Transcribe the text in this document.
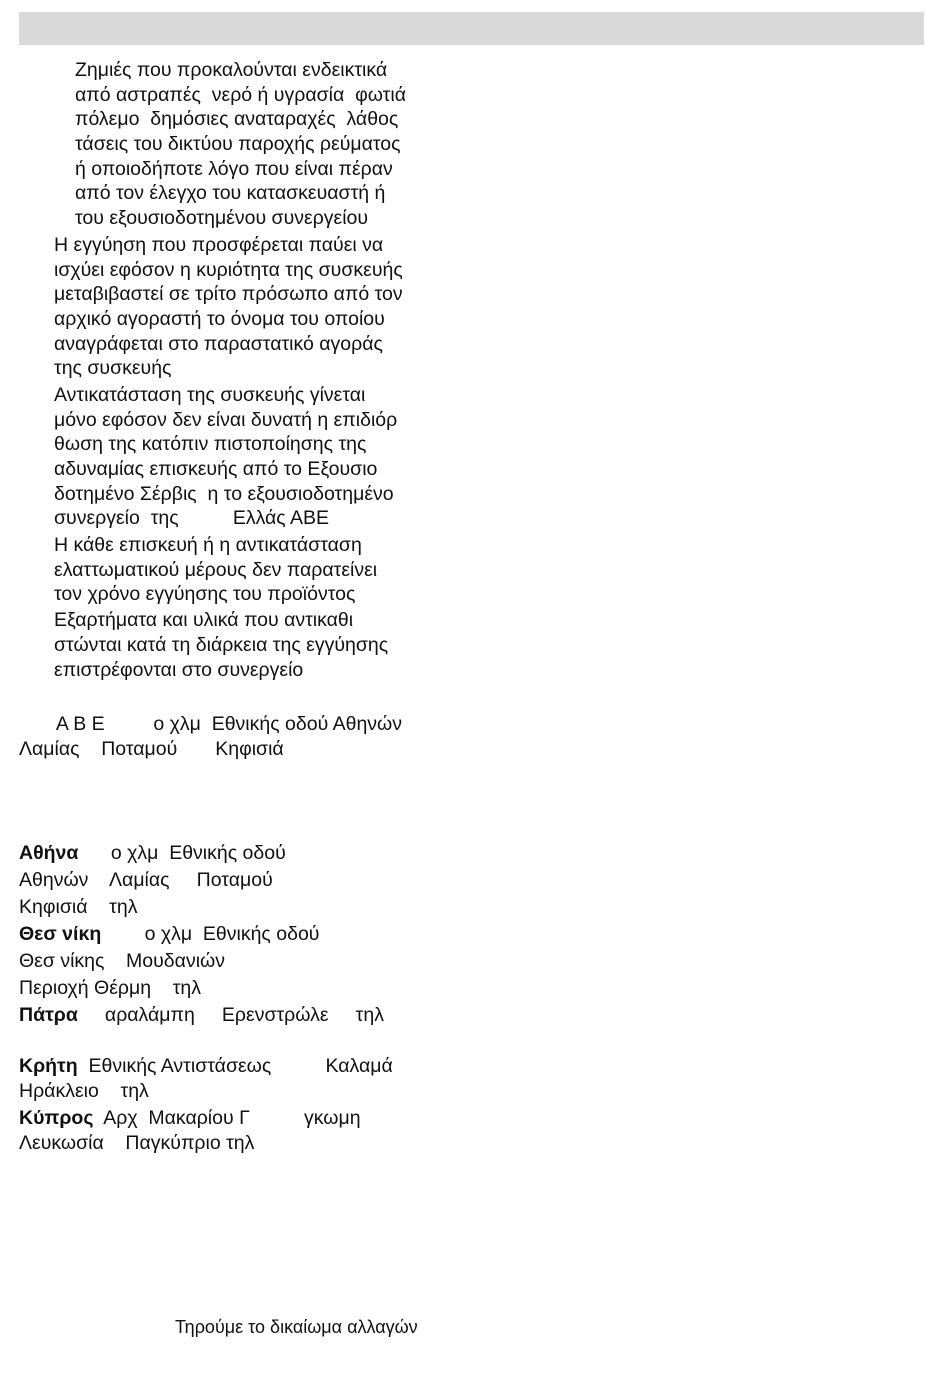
Ζημιές που προκαλούνται ενδεικτικά
από αστραπές  νερό ή υγρασία  φωτιά
πόλεμο  δημόσιες αναταραχές  λάθος
τάσεις του δικτύου παροχής ρεύματος
ή οποιοδήποτε λόγο που είναι πέραν
από τον έλεγχο του κατασκευαστή ή
του εξουσιοδοτημένου συνεργείου
Η εγγύηση που προσφέρεται παύει να
ισχύει εφόσον η κυριότητα της συσκευής
μεταβιβαστεί σε τρίτο πρόσωπο από τον
αρχικό αγοραστή το όνομα του οποίου
αναγράφεται στο παραστατικό αγοράς
της συσκευής
Αντικατάσταση της συσκευής γίνεται
μόνο εφόσον δεν είναι δυνατή η επιδιόρ
θωση της κατόπιν πιστοποίησης της
αδυναμίας επισκευής από το Εξουσιο
δοτημένο Σέρβις  η το εξουσιοδοτημένο
συνεργείο  της          Ελλάς ΑΒΕ
Η κάθε επισκευή ή η αντικατάσταση
ελαττωματικού μέρους δεν παρατείνει
τον χρόνο εγγύησης του προϊόντος
Εξαρτήματα και υλικά που αντικαθι
στώνται κατά τη διάρκεια της εγγύησης
επιστρέφονται στο συνεργείο
Α Β Ε         ο χλμ  Εθνικής οδού Αθηνών
Λαμίας    Ποταμού       Κηφισιά
Αθήνα      ο χλμ  Εθνικής οδού
Αθηνών    Λαμίας     Ποταμού
Κηφισιά    τηλ
Θεσ νίκη        ο χλμ  Εθνικής οδού
Θεσ νίκης    Μουδανιών
Περιοχή Θέρμη    τηλ
Πάτρα     αραλάμπη     Ερενστρώλε     τηλ
Κρήτη  Εθνικής Αντιστάσεως          Καλαμά
Ηράκλειο    τηλ
Κύπρος  Αρχ  Μακαρίου Γ          γκωμη
Λευκωσία    Παγκύπριο τηλ
Τηρούμε το δικαίωμα αλλαγών
